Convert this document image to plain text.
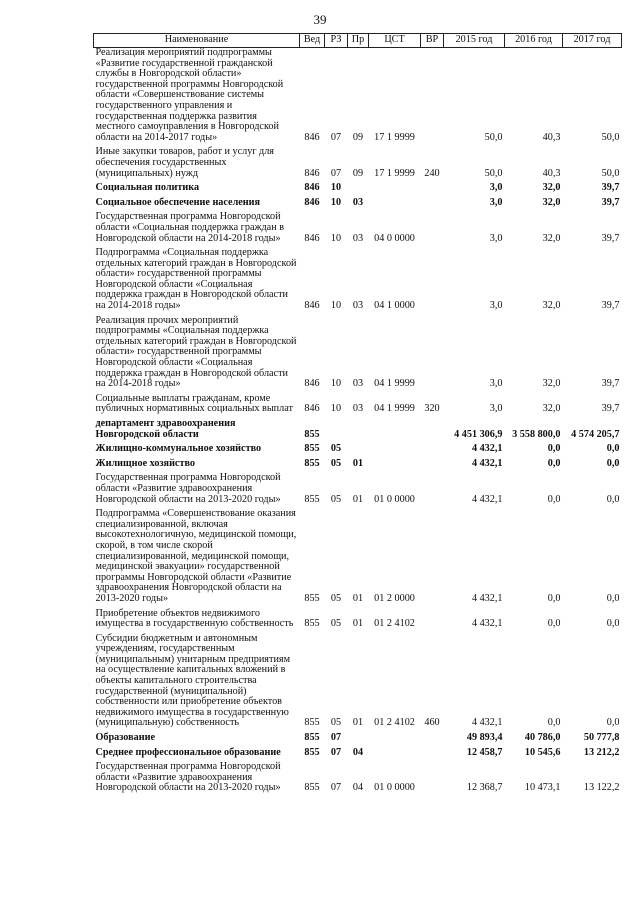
39
Наименование	Вед	РЗ	Пр	ЦСТ	ВР	2015 год	2016 год	2017 год
Реализация мероприятий подпрограммы «Развитие государственной гражданской службы в Новгородской области» государственной программы Новгородской области «Совершенствование системы государственного управления и государственная поддержка развития местного самоуправления в Новгородской области на 2014-2017 годы»	846	07	09	17 1 9999		50,0	40,3	50,0
Иные закупки товаров, работ и услуг для обеспечения государственных (муниципальных) нужд	846	07	09	17 1 9999	240	50,0	40,3	50,0
Социальная политика	846	10				3,0	32,0	39,7
Социальное обеспечение населения	846	10	03			3,0	32,0	39,7
Государственная программа Новгородской области «Социальная поддержка граждан в Новгородской области на 2014-2018 годы»	846	10	03	04 0 0000		3,0	32,0	39,7
Подпрограмма «Социальная поддержка отдельных категорий граждан в Новгородской области» государственной программы Новгородской области «Социальная поддержка граждан в Новгородской области на 2014-2018 годы»	846	10	03	04 1 0000		3,0	32,0	39,7
Реализация прочих мероприятий подпрограммы «Социальная поддержка отдельных категорий граждан в Новгородской области» государственной программы Новгородской области «Социальная поддержка граждан в Новгородской области на 2014-2018 годы»	846	10	03	04 1 9999		3,0	32,0	39,7
Социальные выплаты гражданам, кроме публичных нормативных социальных выплат	846	10	03	04 1 9999	320	3,0	32,0	39,7
департамент здравоохранения Новгородской области	855					4 451 306,9	3 558 800,0	4 574 205,7
Жилищно-коммунальное хозяйство	855	05				4 432,1	0,0	0,0
Жилищное хозяйство	855	05	01			4 432,1	0,0	0,0
Государственная программа Новгородской области «Развитие здравоохранения Новгородской области на 2013-2020 годы»	855	05	01	01 0 0000		4 432,1	0,0	0,0
Подпрограмма «Совершенствование оказания специализированной, включая высокотехнологичную, медицинской помощи, скорой, в том числе скорой специализированной, медицинской помощи, медицинской эвакуации» государственной программы Новгородской области «Развитие здравоохранения Новгородской области на 2013-2020 годы»	855	05	01	01 2 0000		4 432,1	0,0	0,0
Приобретение объектов недвижимого имущества в государственную собственность	855	05	01	01 2 4102		4 432,1	0,0	0,0
Субсидии бюджетным и автономным учреждениям, государственным (муниципальным) унитарным предприятиям на осуществление капитальных вложений в объекты капитального строительства государственной (муниципальной) собственности или приобретение объектов недвижимого имущества в государственную (муниципальную) собственность	855	05	01	01 2 4102	460	4 432,1	0,0	0,0
Образование	855	07				49 893,4	40 786,0	50 777,8
Среднее профессиональное образование	855	07	04			12 458,7	10 545,6	13 212,2
Государственная программа Новгородской области «Развитие здравоохранения Новгородской области на 2013-2020 годы»	855	07	04	01 0 0000		12 368,7	10 473,1	13 122,2
